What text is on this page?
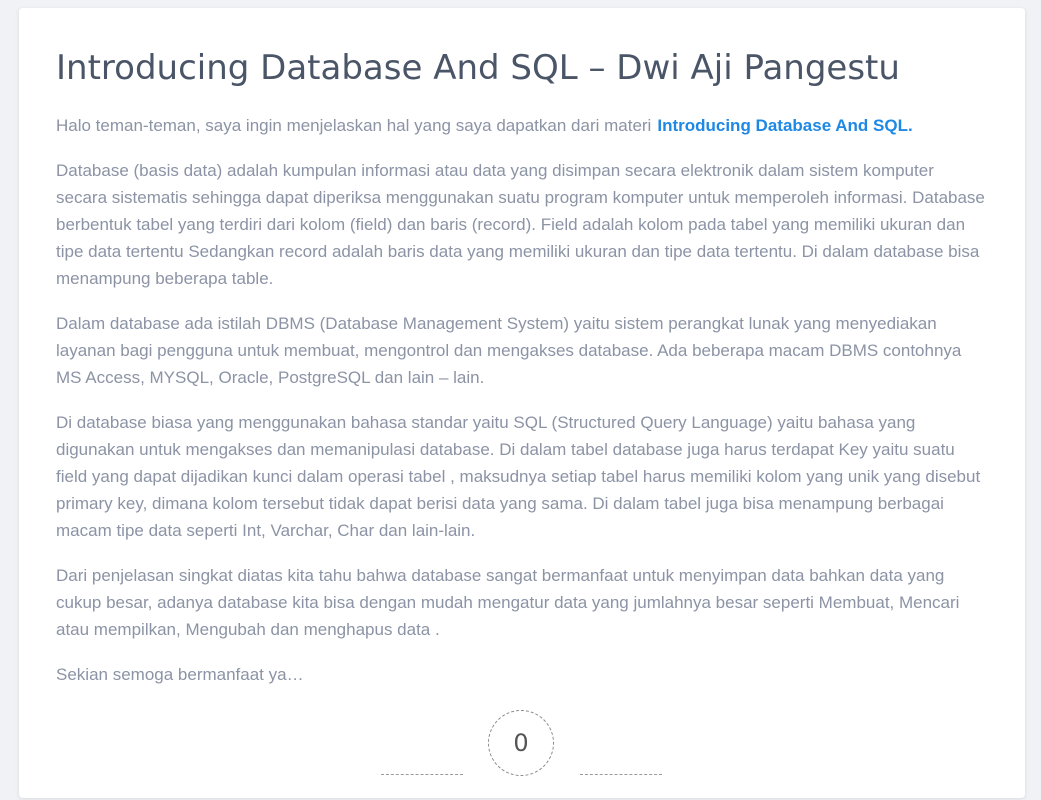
Introducing Database And SQL – Dwi Aji Pangestu

Halo teman-teman, saya ingin menjelaskan hal yang saya dapatkan dari materi Introducing Database And SQL.

Database (basis data) adalah kumpulan informasi atau data yang disimpan secara elektronik dalam sistem komputer secara sistematis sehingga dapat diperiksa menggunakan suatu program komputer untuk memperoleh informasi. Database berbentuk tabel yang terdiri dari kolom (field) dan baris (record). Field adalah kolom pada tabel yang memiliki ukuran dan tipe data tertentu Sedangkan record adalah baris data yang memiliki ukuran dan tipe data tertentu. Di dalam database bisa menampung beberapa table.

Dalam database ada istilah DBMS (Database Management System) yaitu sistem perangkat lunak yang menyediakan layanan bagi pengguna untuk membuat, mengontrol dan mengakses database. Ada beberapa macam DBMS contohnya MS Access, MYSQL, Oracle, PostgreSQL dan lain – lain.

Di database biasa yang menggunakan bahasa standar yaitu SQL (Structured Query Language) yaitu bahasa yang digunakan untuk mengakses dan memanipulasi database. Di dalam tabel database juga harus terdapat Key yaitu suatu field yang dapat dijadikan kunci dalam operasi tabel , maksudnya setiap tabel harus memiliki kolom yang unik yang disebut primary key, dimana kolom tersebut tidak dapat berisi data yang sama. Di dalam tabel juga bisa menampung berbagai macam tipe data seperti Int, Varchar, Char dan lain-lain.

Dari penjelasan singkat diatas kita tahu bahwa database sangat bermanfaat untuk menyimpan data bahkan data yang cukup besar, adanya database kita bisa dengan mudah mengatur data yang jumlahnya besar seperti Membuat, Mencari atau mempilkan, Mengubah dan menghapus data .

Sekian semoga bermanfaat ya…

0
